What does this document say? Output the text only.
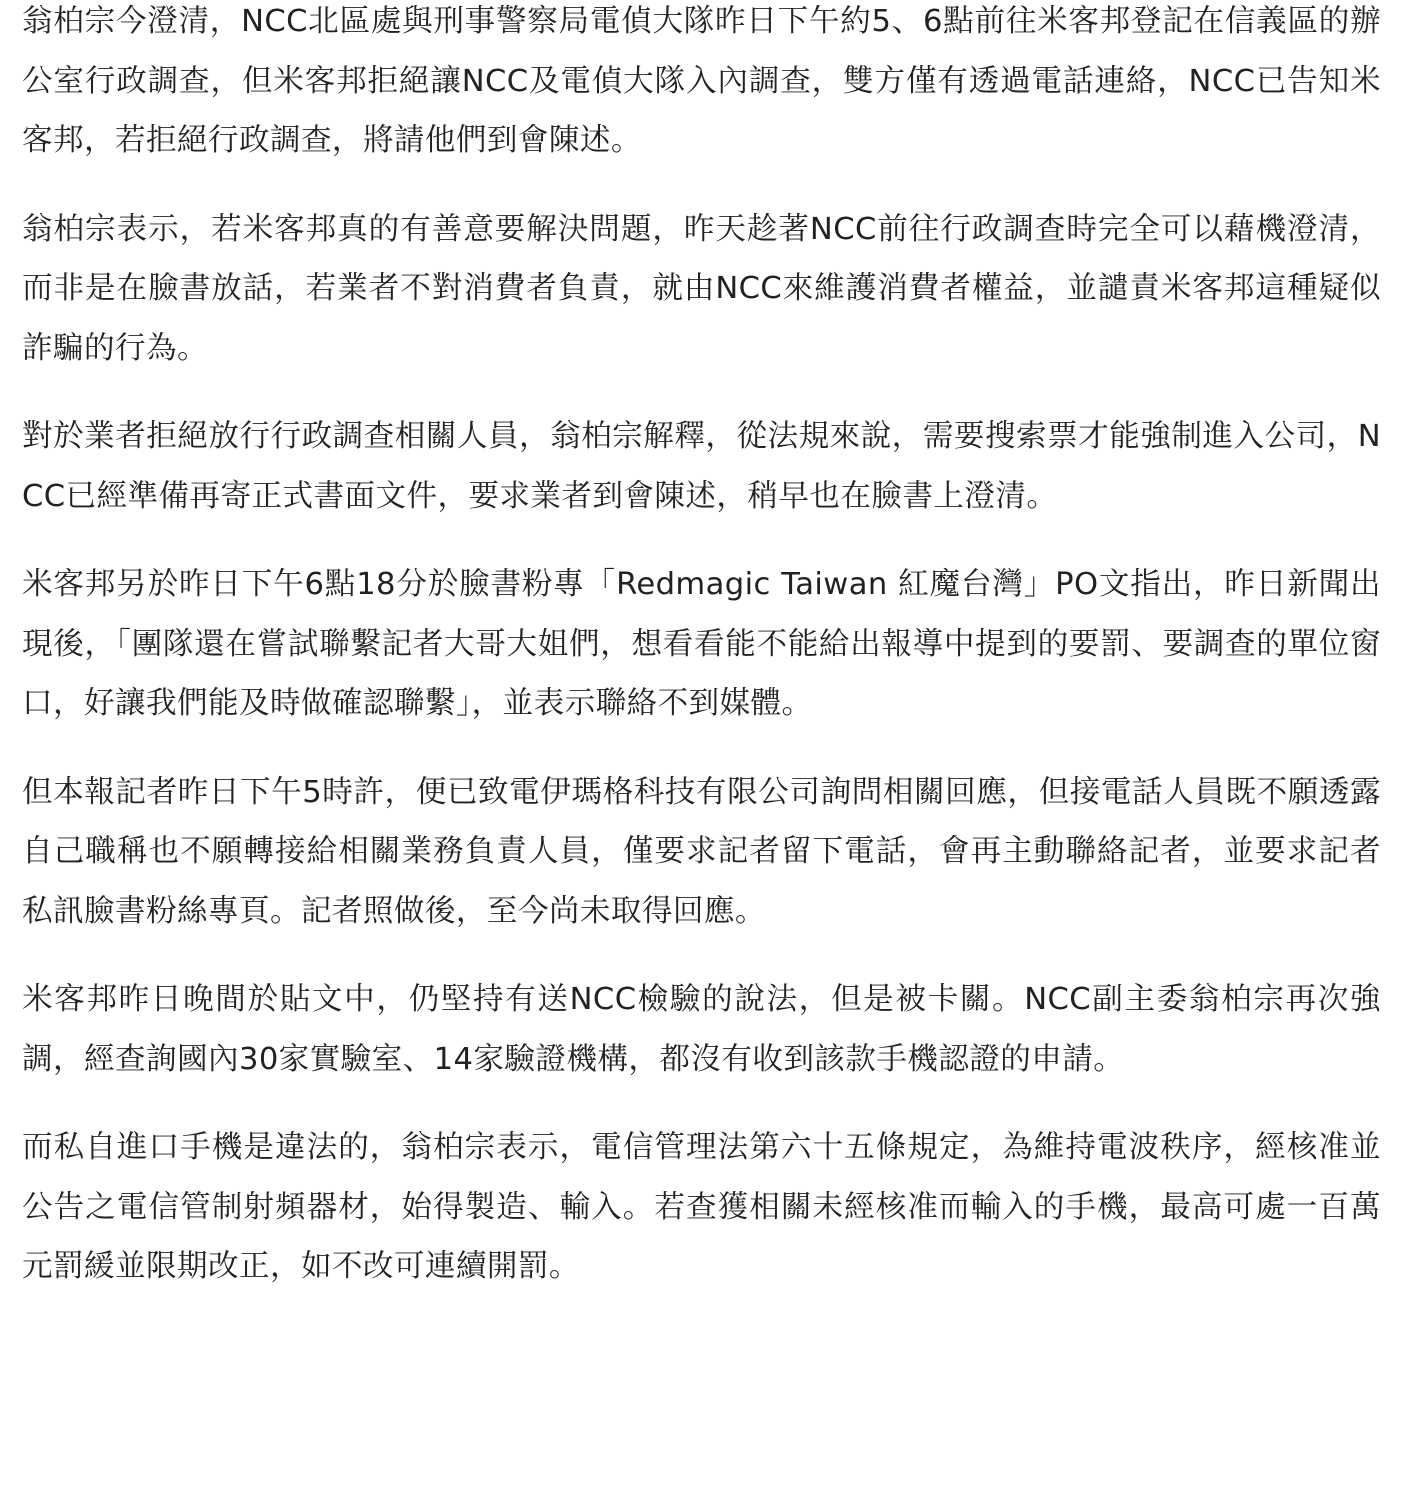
翁柏宗今澄清，NCC北區處與刑事警察局電偵大隊昨日下午約5、6點前往米客邦登記在信義區的辦公室行政調查，但米客邦拒絕讓NCC及電偵大隊入內調查，雙方僅有透過電話連絡，NCC已告知米客邦，若拒絕行政調查，將請他們到會陳述。

翁柏宗表示，若米客邦真的有善意要解決問題，昨天趁著NCC前往行政調查時完全可以藉機澄清，而非是在臉書放話，若業者不對消費者負責，就由NCC來維護消費者權益，並譴責米客邦這種疑似詐騙的行為。

對於業者拒絕放行行政調查相關人員，翁柏宗解釋，從法規來說，需要搜索票才能強制進入公司，NCC已經準備再寄正式書面文件，要求業者到會陳述，稍早也在臉書上澄清。

米客邦另於昨日下午6點18分於臉書粉專「Redmagic Taiwan 紅魔台灣」PO文指出，昨日新聞出現後，「團隊還在嘗試聯繫記者大哥大姐們，想看看能不能給出報導中提到的要罰、要調查的單位窗口，好讓我們能及時做確認聯繫」，並表示聯絡不到媒體。

但本報記者昨日下午5時許，便已致電伊瑪格科技有限公司詢問相關回應，但接電話人員既不願透露自己職稱也不願轉接給相關業務負責人員，僅要求記者留下電話，會再主動聯絡記者，並要求記者私訊臉書粉絲專頁。記者照做後，至今尚未取得回應。

米客邦昨日晚間於貼文中，仍堅持有送NCC檢驗的說法，但是被卡關。NCC副主委翁柏宗再次強調，經查詢國內30家實驗室、14家驗證機構，都沒有收到該款手機認證的申請。

而私自進口手機是違法的，翁柏宗表示，電信管理法第六十五條規定，為維持電波秩序，經核准並公告之電信管制射頻器材，始得製造、輸入。若查獲相關未經核准而輸入的手機，最高可處一百萬元罰緩並限期改正，如不改可連續開罰。
